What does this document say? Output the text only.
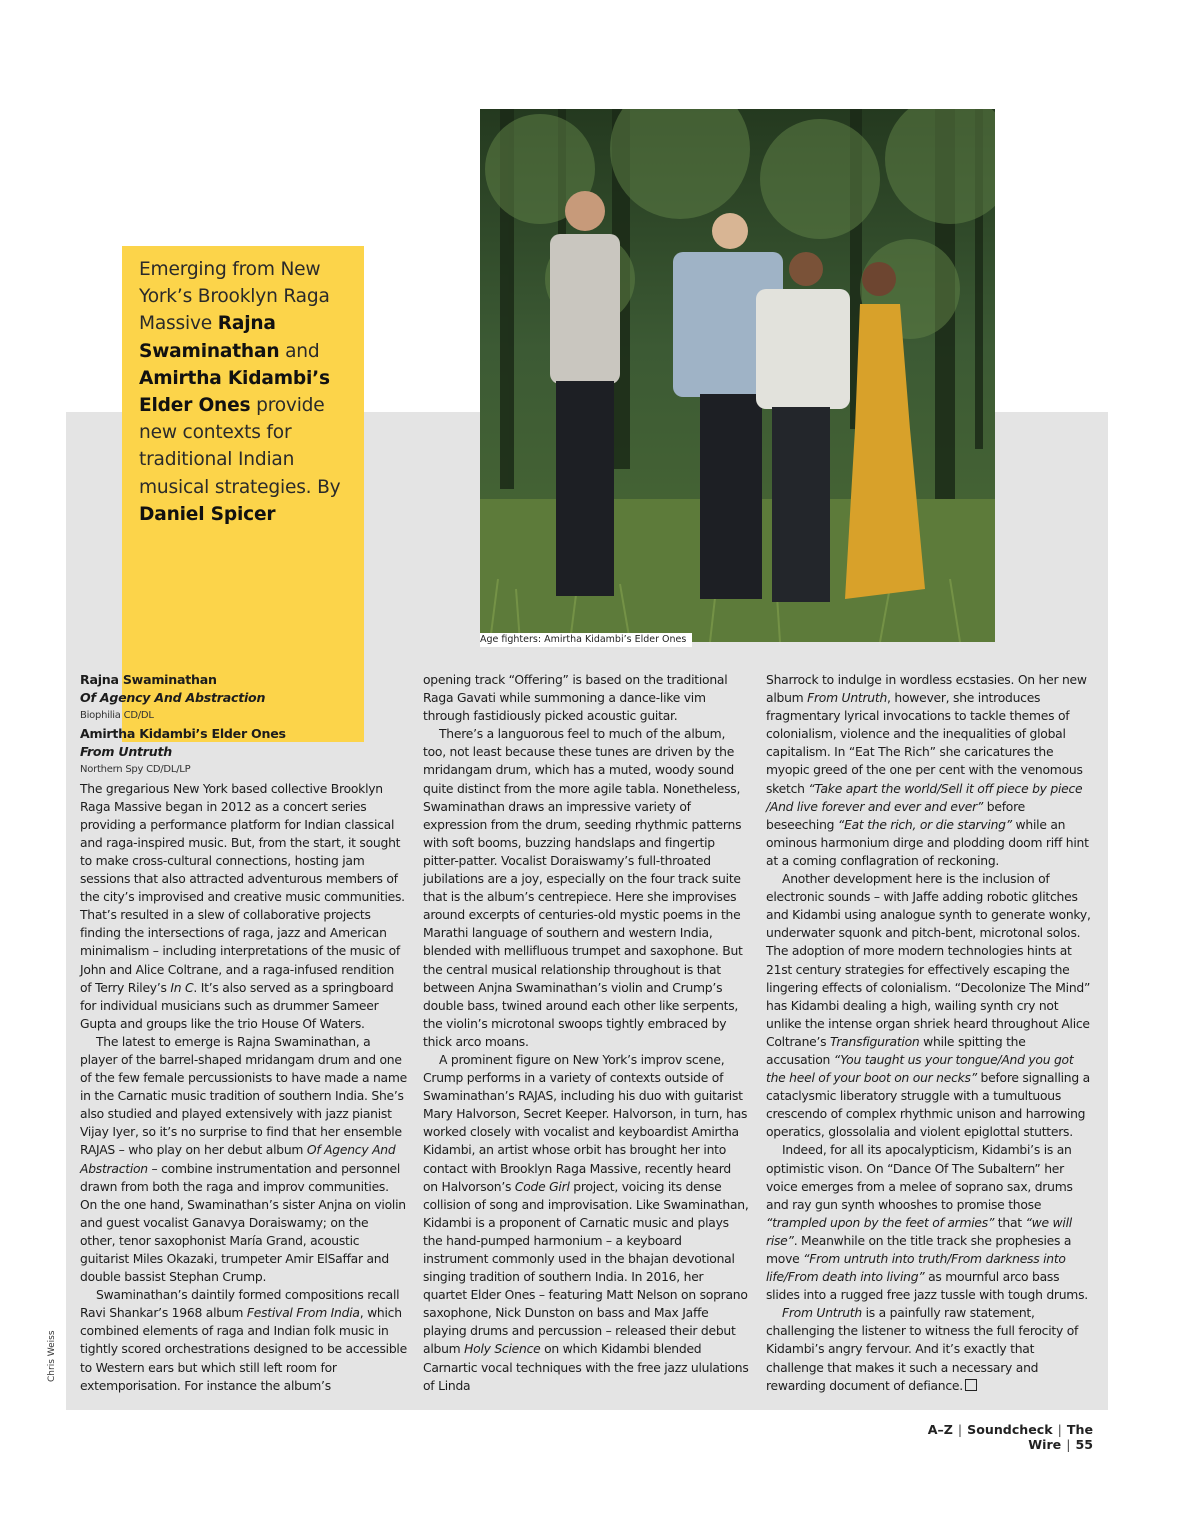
Emerging from New York’s Brooklyn Raga Massive Rajna Swaminathan and Amirtha Kidambi’s Elder Ones provide new contexts for traditional Indian musical strategies. By Daniel Spicer
Age fighters: Amirtha Kidambi’s Elder Ones
Chris Weiss
Rajna Swaminathan
Of Agency And Abstraction
Biophilia CD/DL
Amirtha Kidambi’s Elder Ones
From Untruth
Northern Spy CD/DL/LP

The gregarious New York based collective Brooklyn Raga Massive began in 2012 as a concert series providing a performance platform for Indian classical and raga-inspired music. But, from the start, it sought to make cross-cultural connections, hosting jam sessions that also attracted adventurous members of the city’s improvised and creative music communities. That’s resulted in a slew of collaborative projects finding the intersections of raga, jazz and American minimalism – including interpretations of the music of John and Alice Coltrane, and a raga-infused rendition of Terry Riley’s In C. It’s also served as a springboard for individual musicians such as drummer Sameer Gupta and groups like the trio House Of Waters.

The latest to emerge is Rajna Swaminathan, a player of the barrel-shaped mridangam drum and one of the few female percussionists to have made a name in the Carnatic music tradition of southern India. She’s also studied and played extensively with jazz pianist Vijay Iyer, so it’s no surprise to find that her ensemble RAJAS – who play on her debut album Of Agency And Abstraction – combine instrumentation and personnel drawn from both the raga and improv communities. On the one hand, Swaminathan’s sister Anjna on violin and guest vocalist Ganavya Doraiswamy; on the other, tenor saxophonist María Grand, acoustic guitarist Miles Okazaki, trumpeter Amir ElSaffar and double bassist Stephan Crump.

Swaminathan’s daintily formed compositions recall Ravi Shankar’s 1968 album Festival From India, which combined elements of raga and Indian folk music in tightly scored orchestrations designed to be accessible to Western ears but which still left room for extemporisation. For instance the album’s

opening track “Offering” is based on the traditional Raga Gavati while summoning a dance-like vim through fastidiously picked acoustic guitar.

There’s a languorous feel to much of the album, too, not least because these tunes are driven by the mridangam drum, which has a muted, woody sound quite distinct from the more agile tabla. Nonetheless, Swaminathan draws an impressive variety of expression from the drum, seeding rhythmic patterns with soft booms, buzzing handslaps and fingertip pitter-patter. Vocalist Doraiswamy’s full-throated jubilations are a joy, especially on the four track suite that is the album’s centrepiece. Here she improvises around excerpts of centuries-old mystic poems in the Marathi language of southern and western India, blended with mellifluous trumpet and saxophone. But the central musical relationship throughout is that between Anjna Swaminathan’s violin and Crump’s double bass, twined around each other like serpents, the violin’s microtonal swoops tightly embraced by thick arco moans.

A prominent figure on New York’s improv scene, Crump performs in a variety of contexts outside of Swaminathan’s RAJAS, including his duo with guitarist Mary Halvorson, Secret Keeper. Halvorson, in turn, has worked closely with vocalist and keyboardist Amirtha Kidambi, an artist whose orbit has brought her into contact with Brooklyn Raga Massive, recently heard on Halvorson’s Code Girl project, voicing its dense collision of song and improvisation. Like Swaminathan, Kidambi is a proponent of Carnatic music and plays the hand-pumped harmonium – a keyboard instrument commonly used in the bhajan devotional singing tradition of southern India. In 2016, her quartet Elder Ones – featuring Matt Nelson on soprano saxophone, Nick Dunston on bass and Max Jaffe playing drums and percussion – released their debut album Holy Science on which Kidambi blended Carnartic vocal techniques with the free jazz ululations of Linda

Sharrock to indulge in wordless ecstasies. On her new album From Untruth, however, she introduces fragmentary lyrical invocations to tackle themes of colonialism, violence and the inequalities of global capitalism. In “Eat The Rich” she caricatures the myopic greed of the one per cent with the venomous sketch “Take apart the world/Sell it off piece by piece /And live forever and ever and ever” before beseeching “Eat the rich, or die starving” while an ominous harmonium dirge and plodding doom riff hint at a coming conflagration of reckoning.

Another development here is the inclusion of electronic sounds – with Jaffe adding robotic glitches and Kidambi using analogue synth to generate wonky, underwater squonk and pitch-bent, microtonal solos. The adoption of more modern technologies hints at 21st century strategies for effectively escaping the lingering effects of colonialism. “Decolonize The Mind” has Kidambi dealing a high, wailing synth cry not unlike the intense organ shriek heard throughout Alice Coltrane’s Transfiguration while spitting the accusation “You taught us your tongue/And you got the heel of your boot on our necks” before signalling a cataclysmic liberatory struggle with a tumultuous crescendo of complex rhythmic unison and harrowing operatics, glossolalia and violent epiglottal stutters.

Indeed, for all its apocalypticism, Kidambi’s is an optimistic vison. On “Dance Of The Subaltern” her voice emerges from a melee of soprano sax, drums and ray gun synth whooshes to promise those “trampled upon by the feet of armies” that “we will rise”. Meanwhile on the title track she prophesies a move “From untruth into truth/From darkness into life/From death into living” as mournful arco bass slides into a rugged free jazz tussle with tough drums.

From Untruth is a painfully raw statement, challenging the listener to witness the full ferocity of Kidambi’s angry fervour. And it’s exactly that challenge that makes it such a necessary and rewarding document of defiance.

A–Z | Soundcheck | The Wire | 55
